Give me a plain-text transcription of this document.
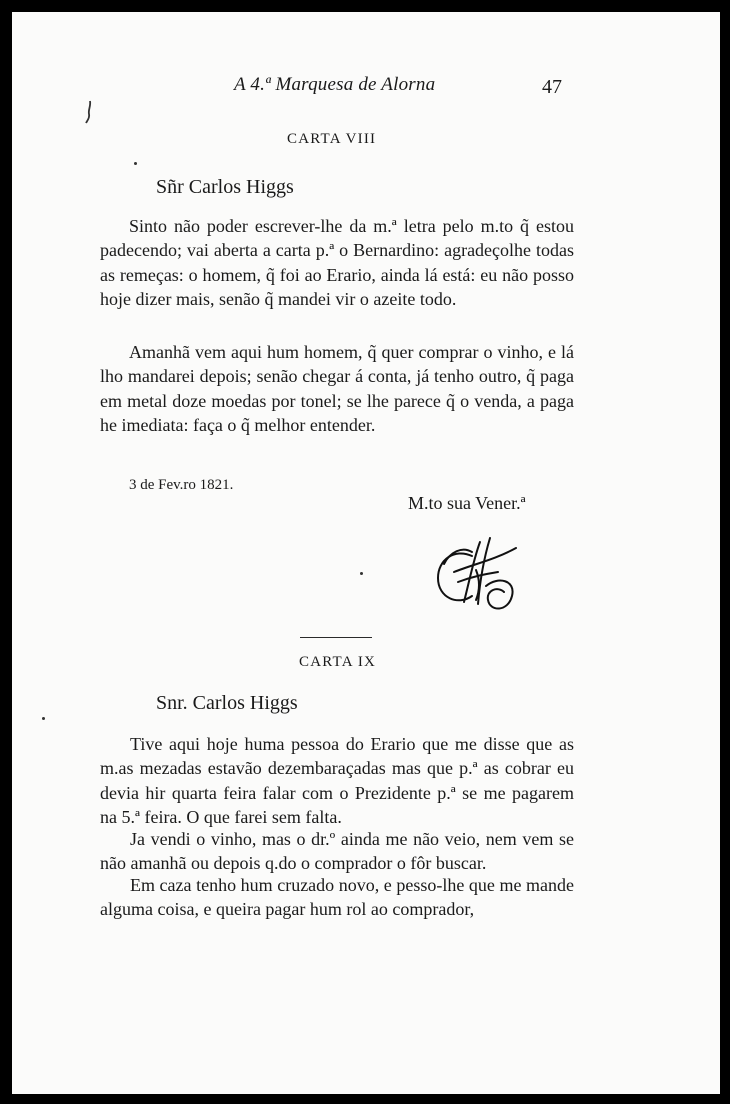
A 4.ª Marquesa de Alorna	47
CARTA VIII
Sñr Carlos Higgs
Sinto não poder escrever-lhe da m.ª letra pelo m.to q̃ estou padecendo; vai aberta a carta p.ª o Bernardino: agradeçolhe todas as remeças: o homem, q̃ foi ao Erario, ainda lá está: eu não posso hoje dizer mais, senão q̃ mandei vir o azeite todo.
Amanhã vem aqui hum homem, q̃ quer comprar o vinho, e lá lho mandarei depois; senão chegar á conta, já tenho outro, q̃ paga em metal doze moedas por tonel; se lhe parece q̃ o venda, a paga he imediata: faça o q̃ melhor entender.
3 de Fev.ro 1821.
M.to sua Vener.ª
CARTA IX
Snr. Carlos Higgs
Tive aqui hoje huma pessoa do Erario que me disse que as m.as mezadas estavão dezembaraçadas mas que p.ª as cobrar eu devia hir quarta feira falar com o Prezidente p.ª se me pagarem na 5.ª feira. O que farei sem falta.
Ja vendi o vinho, mas o dr.º ainda me não veio, nem vem se não amanhã ou depois q.do o comprador o fôr buscar.
Em caza tenho hum cruzado novo, e pesso-lhe que me mande alguma coisa, e queira pagar hum rol ao comprador,
